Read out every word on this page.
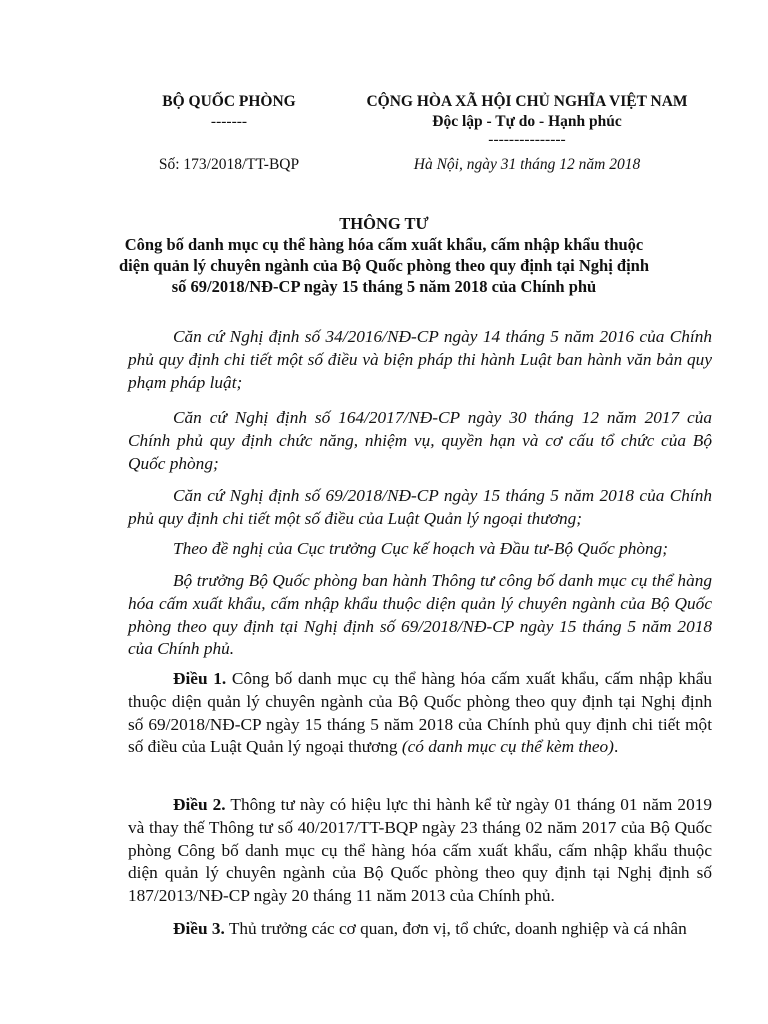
BỘ QUỐC PHÒNG
-------
Số: 173/2018/TT-BQP
CỘNG HÒA XÃ HỘI CHỦ NGHĨA VIỆT NAM
Độc lập - Tự do - Hạnh phúc
---------------
Hà Nội, ngày 31 tháng 12 năm 2018
THÔNG TƯ
Công bố danh mục cụ thể hàng hóa cấm xuất khẩu, cấm nhập khẩu thuộc
diện quản lý chuyên ngành của Bộ Quốc phòng theo quy định tại Nghị định
số 69/2018/NĐ-CP ngày 15 tháng 5 năm 2018 của Chính phủ

Căn cứ Nghị định số 34/2016/NĐ-CP ngày 14 tháng 5 năm 2016 của Chính phủ quy định chi tiết một số điều và biện pháp thi hành Luật ban hành văn bản quy phạm pháp luật;

Căn cứ Nghị định số 164/2017/NĐ-CP ngày 30 tháng 12 năm 2017 của Chính phủ quy định chức năng, nhiệm vụ, quyền hạn và cơ cấu tổ chức của Bộ Quốc phòng;

Căn cứ Nghị định số 69/2018/NĐ-CP ngày 15 tháng 5 năm 2018 của Chính phủ quy định chi tiết một số điều của Luật Quản lý ngoại thương;

Theo đề nghị của Cục trưởng Cục kế hoạch và Đầu tư-Bộ Quốc phòng;

Bộ trưởng Bộ Quốc phòng ban hành Thông tư công bố danh mục cụ thể hàng hóa cấm xuất khẩu, cấm nhập khẩu thuộc diện quản lý chuyên ngành của Bộ Quốc phòng theo quy định tại Nghị định số 69/2018/NĐ-CP ngày 15 tháng 5 năm 2018 của Chính phủ.

Điều 1. Công bố danh mục cụ thể hàng hóa cấm xuất khẩu, cấm nhập khẩu thuộc diện quản lý chuyên ngành của Bộ Quốc phòng theo quy định tại Nghị định số 69/2018/NĐ-CP ngày 15 tháng 5 năm 2018 của Chính phủ quy định chi tiết một số điều của Luật Quản lý ngoại thương (có danh mục cụ thể kèm theo).

Điều 2. Thông tư này có hiệu lực thi hành kể từ ngày 01 tháng 01 năm 2019 và thay thế Thông tư số 40/2017/TT-BQP ngày 23 tháng 02 năm 2017 của Bộ Quốc phòng Công bố danh mục cụ thể hàng hóa cấm xuất khẩu, cấm nhập khẩu thuộc diện quản lý chuyên ngành của Bộ Quốc phòng theo quy định tại Nghị định số 187/2013/NĐ-CP ngày 20 tháng 11 năm 2013 của Chính phủ.

Điều 3. Thủ trưởng các cơ quan, đơn vị, tổ chức, doanh nghiệp và cá nhân
